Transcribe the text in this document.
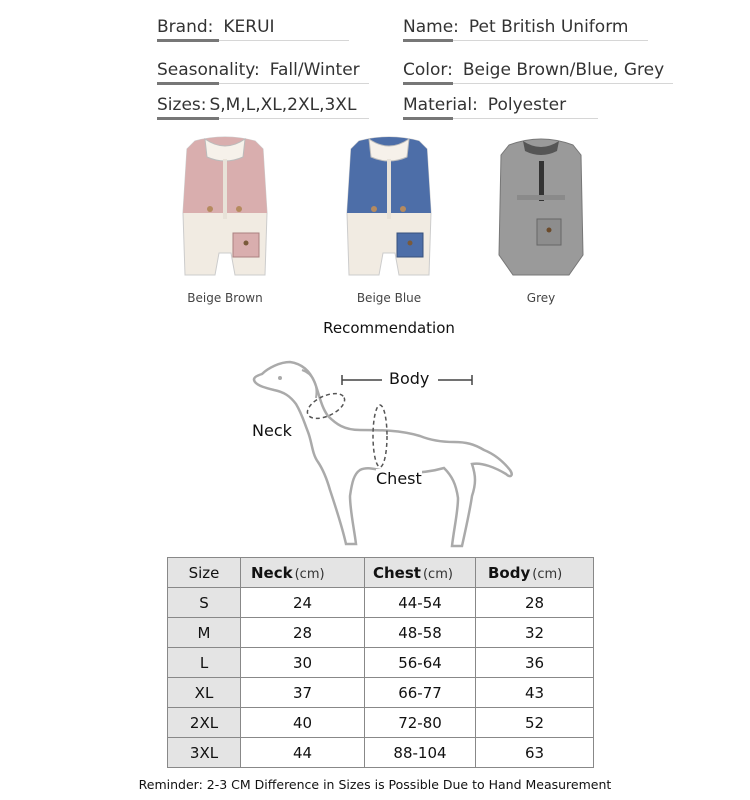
Brand: KERUI	Name: Pet British Uniform
Seasonality: Fall/Winter	Color: Beige Brown/Blue, Grey
Sizes: S,M,L,XL,2XL,3XL	Material: Polyester
Beige Brown	Beige Blue	Grey
Recommendation
Body
Neck
Chest
Size	Neck (cm)	Chest (cm)	Body (cm)
S	24	44-54	28
M	28	48-58	32
L	30	56-64	36
XL	37	66-77	43
2XL	40	72-80	52
3XL	44	88-104	63
Reminder: 2-3 CM Difference in Sizes is Possible Due to Hand Measurement
